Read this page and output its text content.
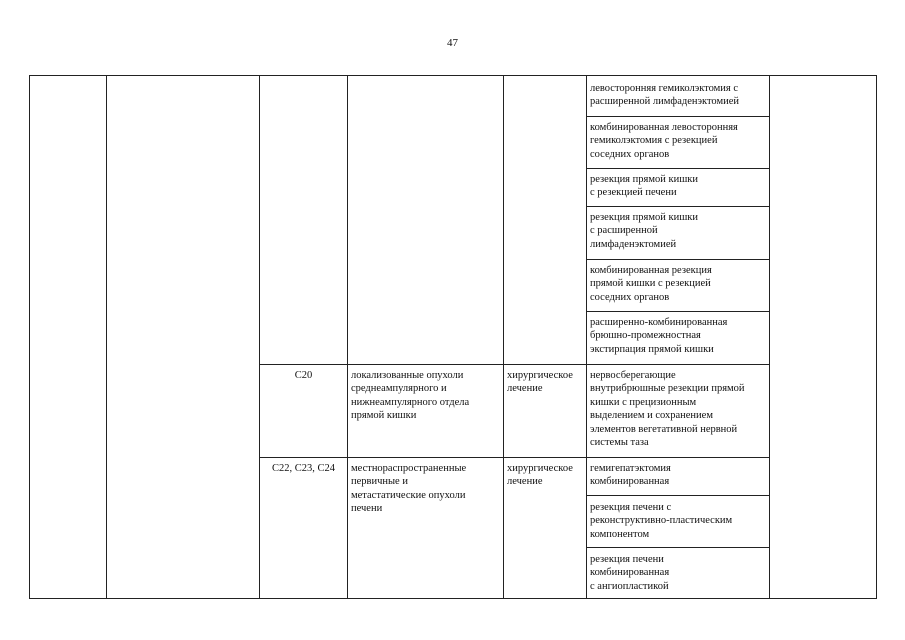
47
левосторонняя гемиколэктомия с
расширенной лимфаденэктомией
комбинированная левосторонняя
гемиколэктомия с резекцией
соседних органов
резекция прямой кишки
с резекцией печени
резекция прямой кишки
с расширенной
лимфаденэктомией
комбинированная резекция
прямой кишки с резекцией
соседних органов
расширенно-комбинированная
брюшно-промежностная
экстирпация прямой кишки
C20	локализованные опухоли
среднеампулярного и
нижнеампулярного отдела
прямой кишки
хирургическое
лечение
нервосберегающие
внутрибрюшные резекции прямой
кишки с прецизионным
выделением и сохранением
элементов вегетативной нервной
системы таза
C22, C23, C24	местнораспространенные
первичные и
метастатические опухоли
печени
хирургическое
лечение
гемигепатэктомия
комбинированная
резекция печени с
реконструктивно-пластическим
компонентом
резекция печени
комбинированная
с ангиопластикой
